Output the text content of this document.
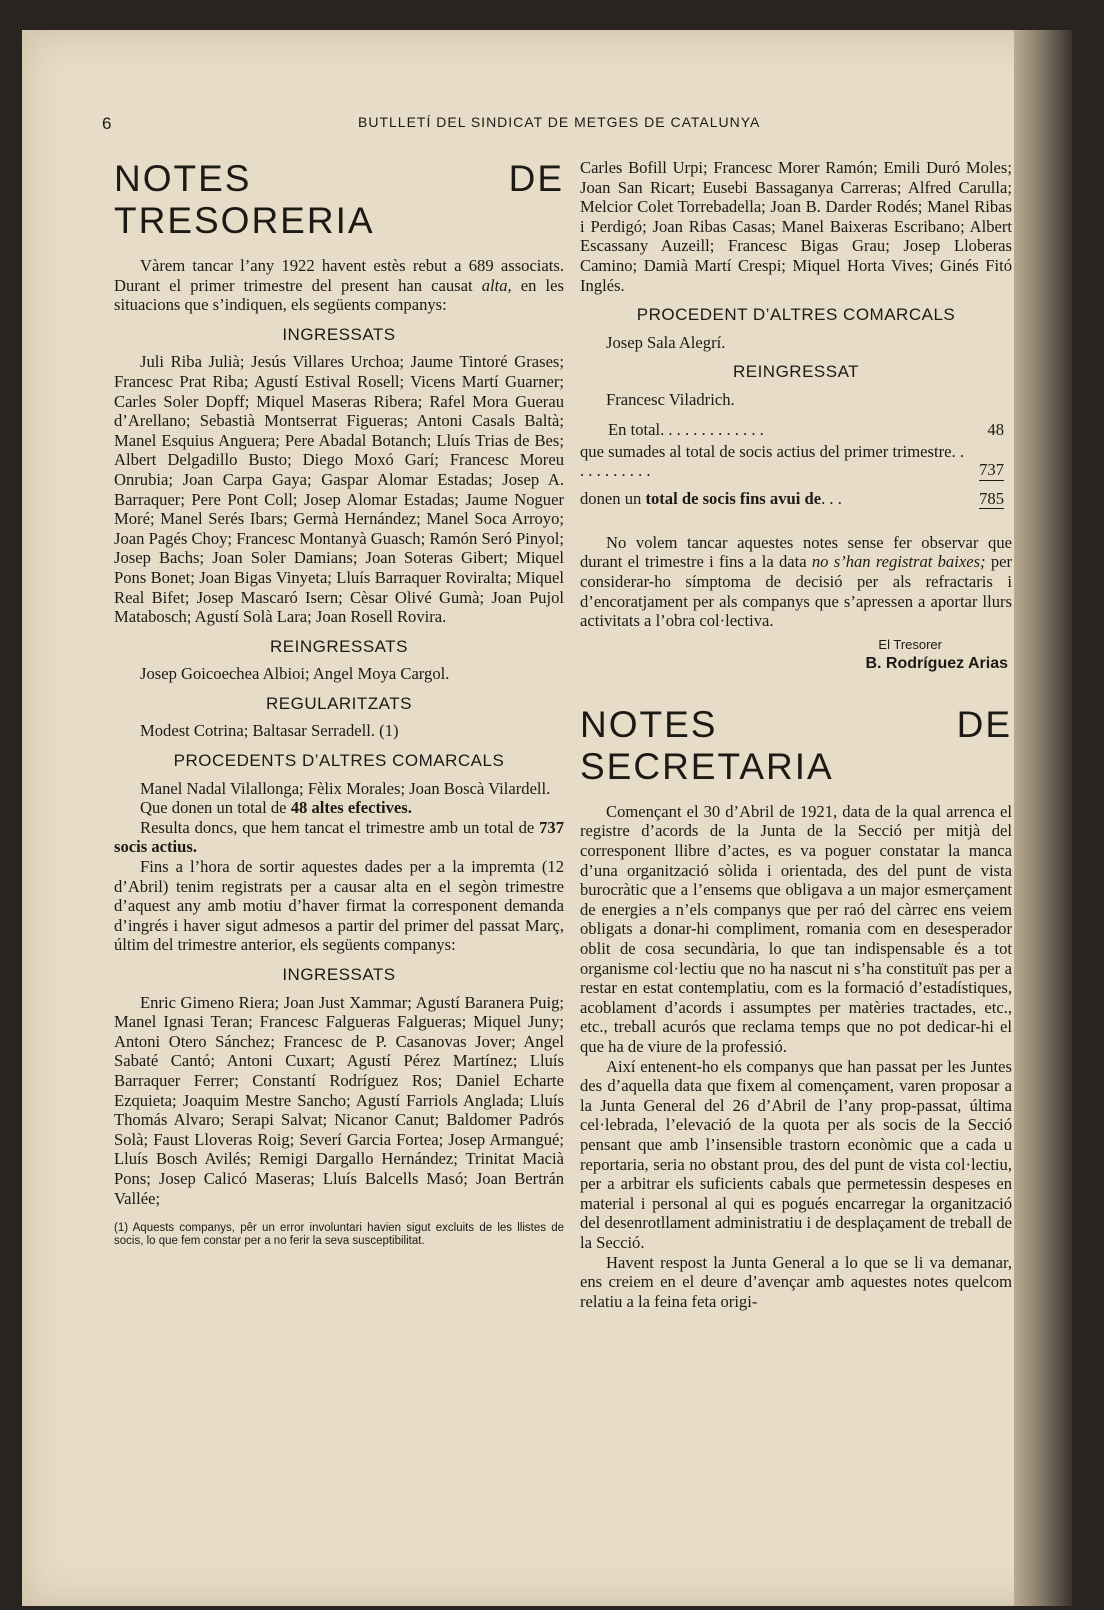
6	BUTLLETÍ DEL SINDICAT DE METGES DE CATALUNYA
NOTES DE TRESORERIA

Vàrem tancar l’any 1922 havent estès rebut a 689 associats. Durant el primer trimestre del present han causat alta, en les situacions que s’indiquen, els següents companys:

INGRESSATS

Juli Riba Julià; Jesús Villares Urchoa; Jaume Tintoré Grases; Francesc Prat Riba; Agustí Estival Rosell; Vicens Martí Guarner; Carles Soler Dopff; Miquel Maseras Ribera; Rafel Mora Guerau d’Arellano; Sebastià Montserrat Figueras; Antoni Casals Baltà; Manel Esquius Anguera; Pere Abadal Botanch; Lluís Trias de Bes; Albert Delgadillo Busto; Diego Moxó Garí; Francesc Moreu Onrubia; Joan Carpa Gaya; Gaspar Alomar Estadas; Josep A. Barraquer; Pere Pont Coll; Josep Alomar Estadas; Jaume Noguer Moré; Manel Serés Ibars; Germà Hernández; Manel Soca Arroyo; Joan Pagés Choy; Francesc Montanyà Guasch; Ramón Seró Pinyol; Josep Bachs; Joan Soler Damians; Joan Soteras Gibert; Miquel Pons Bonet; Joan Bigas Vinyeta; Lluís Barraquer Roviralta; Miquel Real Bifet; Josep Mascaró Isern; Cèsar Olivé Gumà; Joan Pujol Matabosch; Agustí Solà Lara; Joan Rosell Rovira.

REINGRESSATS

Josep Goicoechea Albioi; Angel Moya Cargol.

REGULARITZATS

Modest Cotrina; Baltasar Serradell. (1)

PROCEDENTS D’ALTRES COMARCALS

Manel Nadal Vilallonga; Fèlix Morales; Joan Boscà Vilardell.

Que donen un total de 48 altes efectives.

Resulta doncs, que hem tancat el trimestre amb un total de 737 socis actius.

Fins a l’hora de sortir aquestes dades per a la impremta (12 d’Abril) tenim registrats per a causar alta en el segòn trimestre d’aquest any amb motiu d’haver firmat la corresponent demanda d’ingrés i haver sigut admesos a partir del primer del passat Març, últim del trimestre anterior, els següents companys:

INGRESSATS

Enric Gimeno Riera; Joan Just Xammar; Agustí Baranera Puig; Manel Ignasi Teran; Francesc Falgueras Falgueras; Miquel Juny; Antoni Otero Sánchez; Francesc de P. Casanovas Jover; Angel Sabaté Cantó; Antoni Cuxart; Agustí Pérez Martínez; Lluís Barraquer Ferrer; Constantí Rodríguez Ros; Daniel Echarte Ezquieta; Joaquim Mestre Sancho; Agustí Farriols Anglada; Lluís Thomás Alvaro; Serapi Salvat; Nicanor Canut; Baldomer Padrós Solà; Faust Lloveras Roig; Severí Garcia Fortea; Josep Armangué; Lluís Bosch Avilés; Remigi Dargallo Hernández; Trinitat Macià Pons; Josep Calicó Maseras; Lluís Balcells Masó; Joan Bertrán Vallée;

(1) Aquests companys, pêr un error involuntari havien sigut excluits de les llistes de socis, lo que fem constar per a no ferir la seva susceptibilitat.

Carles Bofill Urpi; Francesc Morer Ramón; Emili Duró Moles; Joan San Ricart; Eusebi Bassaganya Carreras; Alfred Carulla; Melcior Colet Torrebadella; Joan B. Darder Rodés; Manel Ribas i Perdigó; Joan Ribas Casas; Manel Baixeras Escribano; Albert Escassany Auzeill; Francesc Bigas Grau; Josep Lloberas Camino; Damià Martí Crespi; Miquel Horta Vives; Ginés Fitó Inglés.

PROCEDENT D’ALTRES COMARCALS

Josep Sala Alegrí.

REINGRESSAT

Francesc Viladrich.

En total. . . . . . . . . . . . .	48

que sumades al total de socis actius del primer trimestre. . . . . . . . . . .	737
donen un total de socis fins avui de. . .	785

No volem tancar aquestes notes sense fer observar que durant el trimestre i fins a la data no s’han registrat baixes; per considerar-ho símptoma de decisió per als refractaris i d’encoratjament per als companys que s’apressen a aportar llurs activitats a l’obra col·lectiva.

El Tresorer
B. Rodríguez Arias
NOTES DE SECRETARIA

Començant el 30 d’Abril de 1921, data de la qual arrenca el registre d’acords de la Junta de la Secció per mitjà del corresponent llibre d’actes, es va poguer constatar la manca d’una organització sòlida i orientada, des del punt de vista burocràtic que a l’ensems que obligava a un major esmerçament de energies a n’els companys que per raó del càrrec ens veiem obligats a donar-hi compliment, romania com en desesperador oblit de cosa secundària, lo que tan indispensable és a tot organisme col·lectiu que no ha nascut ni s’ha constituït pas per a restar en estat contemplatiu, com es la formació d’estadístiques, acoblament d’acords i assumptes per matèries tractades, etc., etc., treball acurós que reclama temps que no pot dedicar-hi el que ha de viure de la professió.

Així entenent-ho els companys que han passat per les Juntes des d’aquella data que fixem al començament, varen proposar a la Junta General del 26 d’Abril de l’any prop-passat, última cel·lebrada, l’elevació de la quota per als socis de la Secció pensant que amb l’insensible trastorn econòmic que a cada u reportaria, seria no obstant prou, des del punt de vista col·lectiu, per a arbitrar els suficients cabals que permetessin despeses en material i personal al qui es pogués encarregar la organització del desenrotllament administratiu i de desplaçament de treball de la Secció.

Havent respost la Junta General a lo que se li va demanar, ens creiem en el deure d’avençar amb aquestes notes quelcom relatiu a la feina feta origi-
